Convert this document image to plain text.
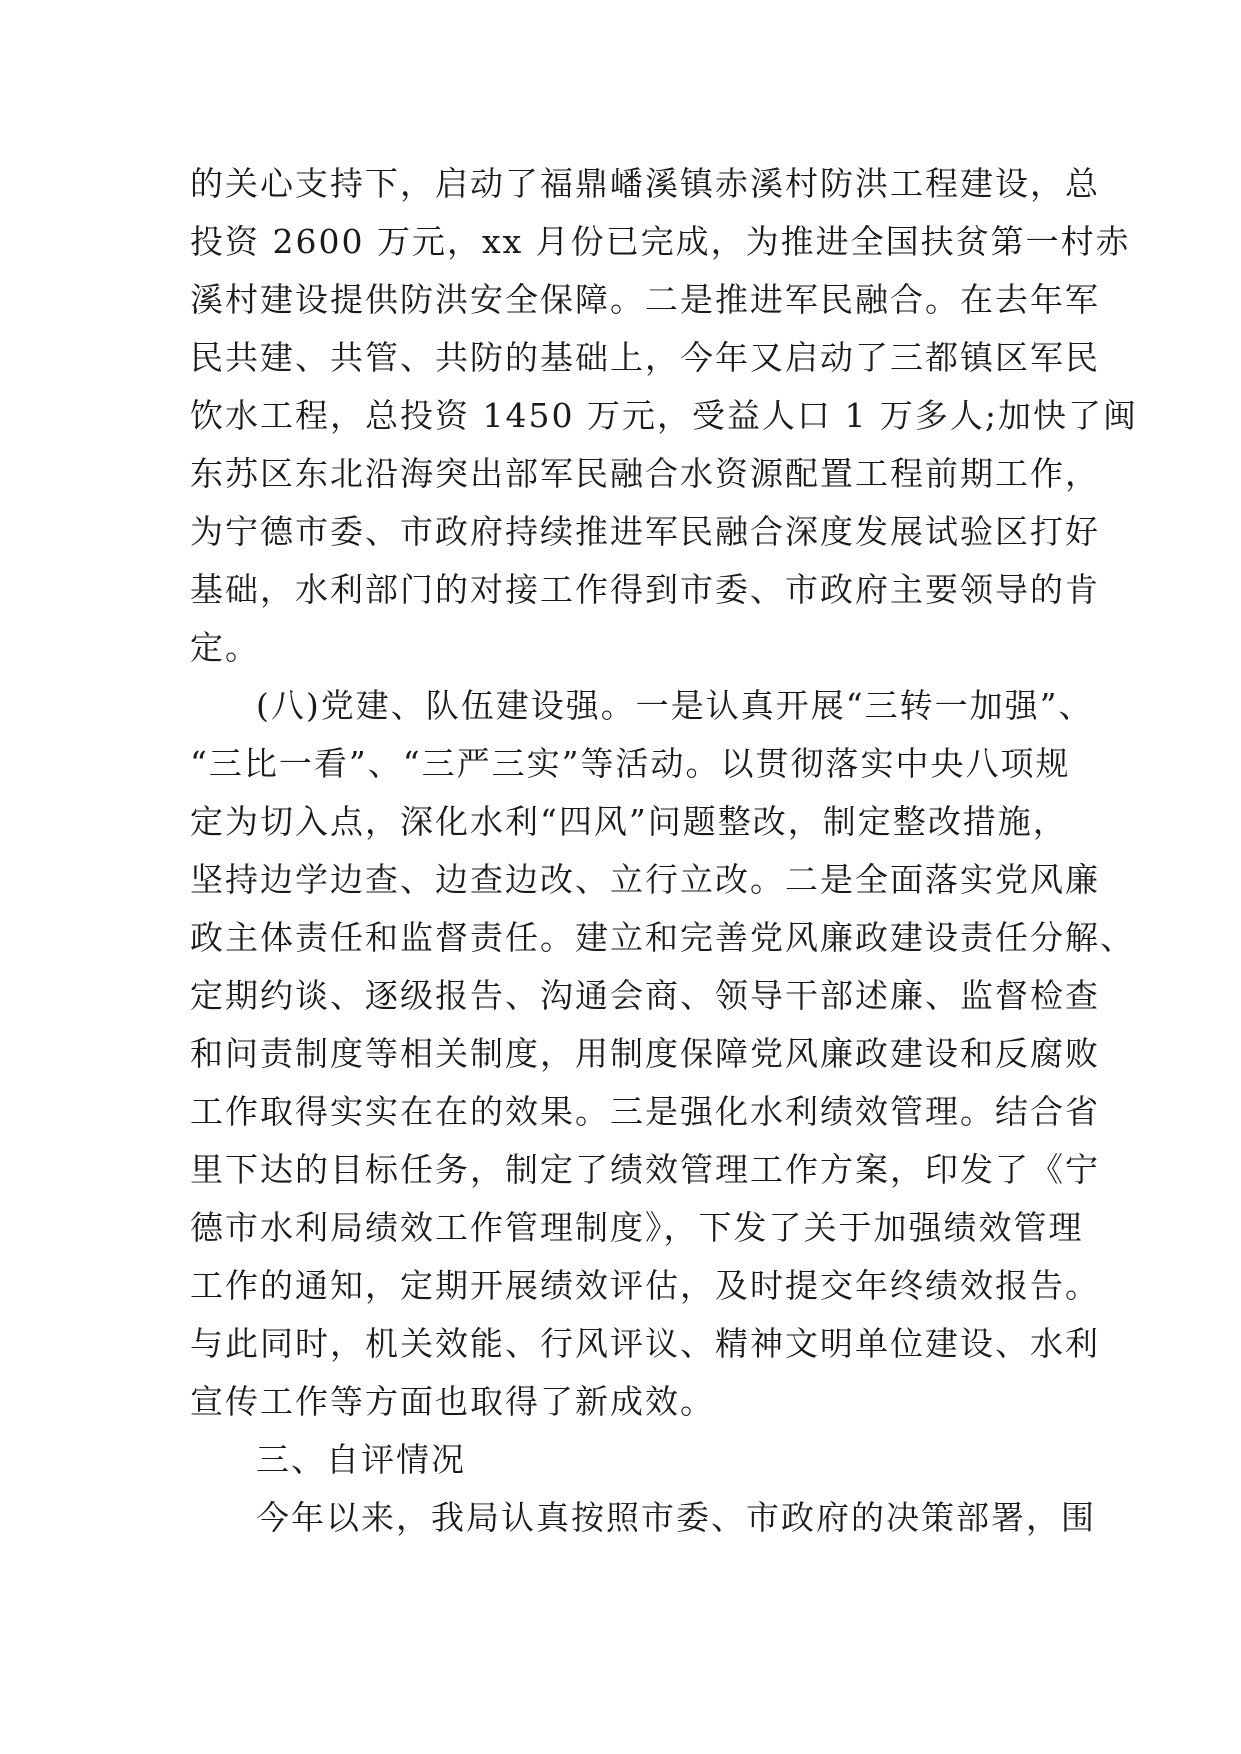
的关心支持下，启动了福鼎嶓溪镇赤溪村防洪工程建设，总
投资 2600 万元，xx 月份已完成，为推进全国扶贫第一村赤
溪村建设提供防洪安全保障。二是推进军民融合。在去年军
民共建、共管、共防的基础上，今年又启动了三都镇区军民
饮水工程，总投资 1450 万元，受益人口 1 万多人;加快了闽
东苏区东北沿海突出部军民融合水资源配置工程前期工作，
为宁德市委、市政府持续推进军民融合深度发展试验区打好
基础，水利部门的对接工作得到市委、市政府主要领导的肯
定。
(八)党建、队伍建设强。一是认真开展“三转一加强”、
“三比一看”、“三严三实”等活动。以贯彻落实中央八项规
定为切入点，深化水利“四风”问题整改，制定整改措施，
坚持边学边查、边查边改、立行立改。二是全面落实党风廉
政主体责任和监督责任。建立和完善党风廉政建设责任分解、
定期约谈、逐级报告、沟通会商、领导干部述廉、监督检查
和问责制度等相关制度，用制度保障党风廉政建设和反腐败
工作取得实实在在的效果。三是强化水利绩效管理。结合省
里下达的目标任务，制定了绩效管理工作方案，印发了《宁
德市水利局绩效工作管理制度》，下发了关于加强绩效管理
工作的通知，定期开展绩效评估，及时提交年终绩效报告。
与此同时，机关效能、行风评议、精神文明单位建设、水利
宣传工作等方面也取得了新成效。
三、自评情况
今年以来，我局认真按照市委、市政府的决策部署，围
